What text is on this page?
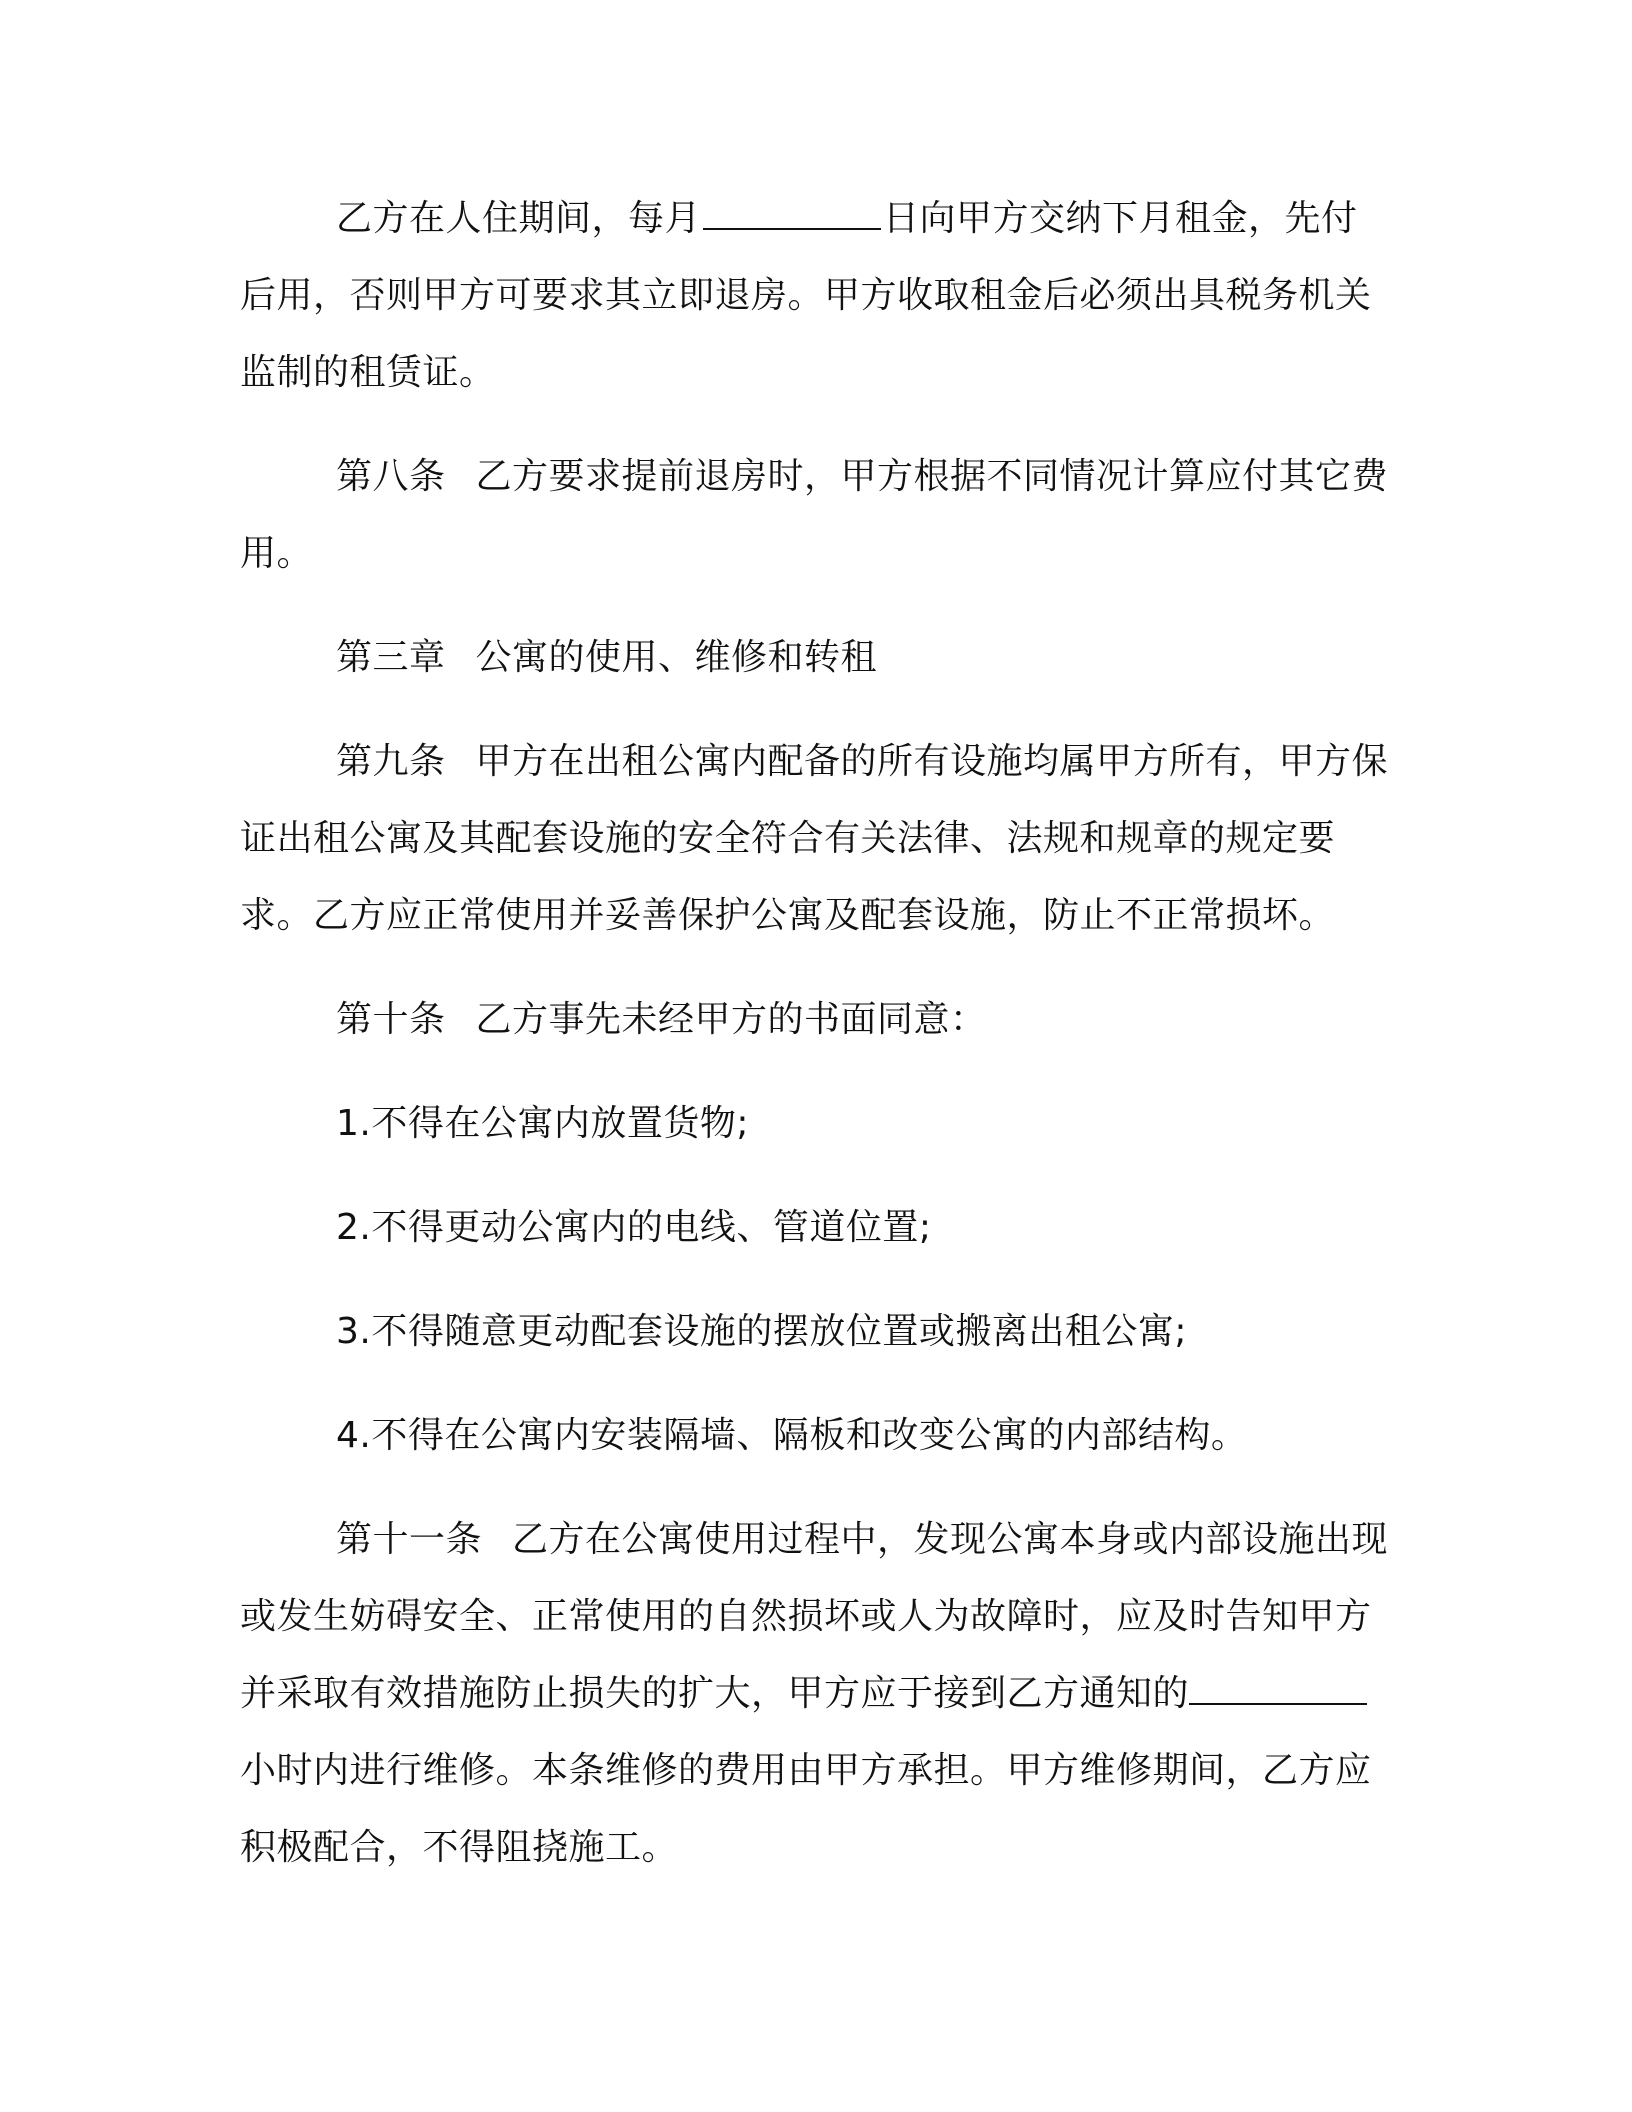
乙方在人住期间，每月	日向甲方交纳下月租金，先付后用，否则甲方可要求其立即退房。甲方收取租金后必须出具税务机关监制的租赁证。

第八条 乙方要求提前退房时，甲方根据不同情况计算应付其它费用。

第三章 公寓的使用、维修和转租

第九条 甲方在出租公寓内配备的所有设施均属甲方所有，甲方保证出租公寓及其配套设施的安全符合有关法律、法规和规章的规定要求。乙方应正常使用并妥善保护公寓及配套设施，防止不正常损坏。

第十条 乙方事先未经甲方的书面同意：

1.不得在公寓内放置货物;

2.不得更动公寓内的电线、管道位置;

3.不得随意更动配套设施的摆放位置或搬离出租公寓;

4.不得在公寓内安装隔墙、隔板和改变公寓的内部结构。

第十一条 乙方在公寓使用过程中，发现公寓本身或内部设施出现或发生妨碍安全、正常使用的自然损坏或人为故障时，应及时告知甲方并采取有效措施防止损失的扩大，甲方应于接到乙方通知的小时内进行维修。本条维修的费用由甲方承担。甲方维修期间，乙方应积极配合，不得阻挠施工。
